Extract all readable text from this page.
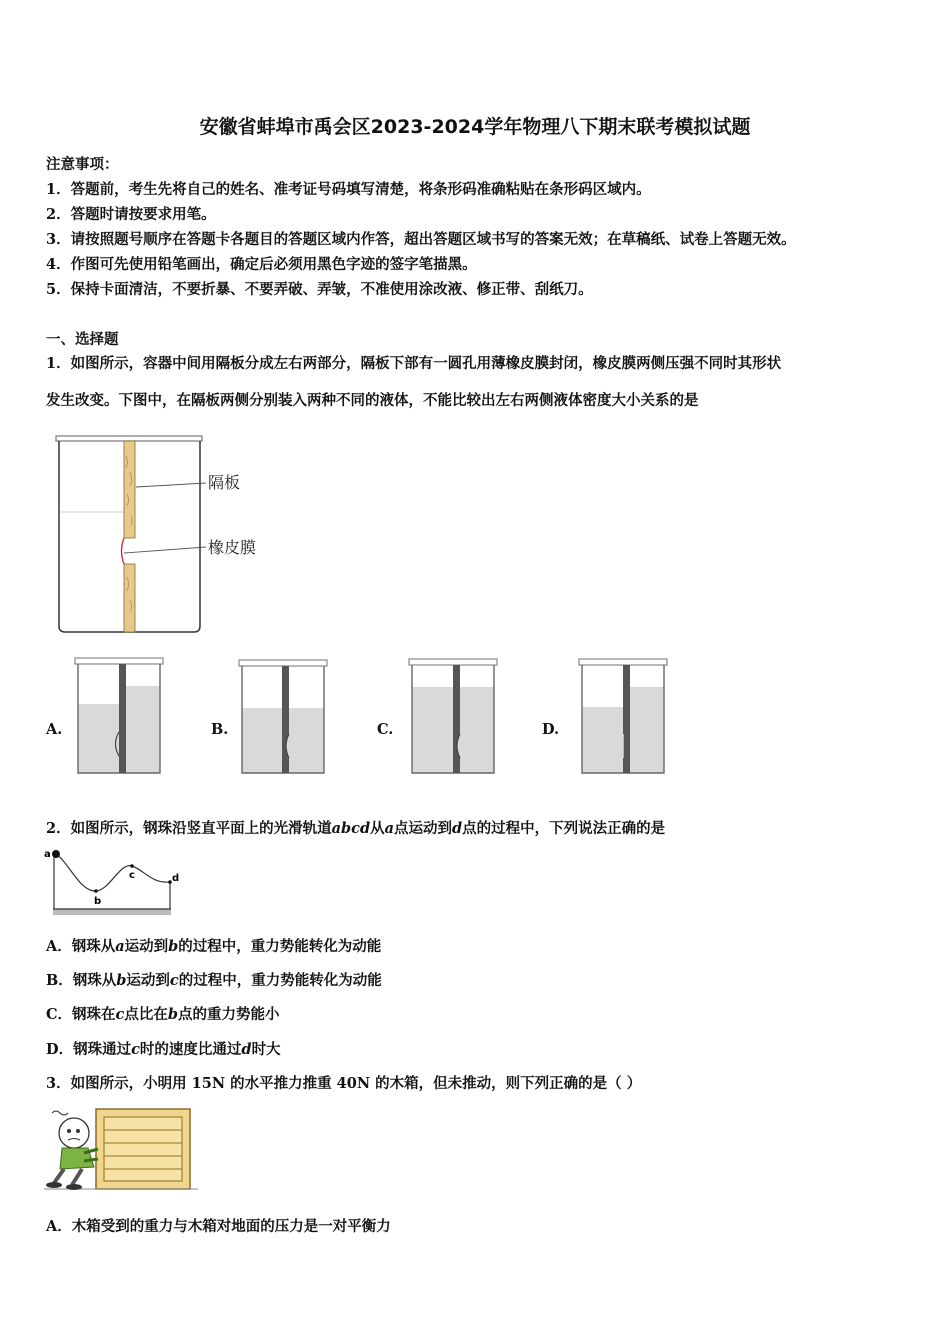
安徽省蚌埠市禹会区2023-2024学年物理八下期末联考模拟试题
注意事项：
1．答题前，考生先将自己的姓名、准考证号码填写清楚，将条形码准确粘贴在条形码区域内。
2．答题时请按要求用笔。
3．请按照题号顺序在答题卡各题目的答题区域内作答，超出答题区域书写的答案无效；在草稿纸、试卷上答题无效。
4．作图可先使用铅笔画出，确定后必须用黑色字迹的签字笔描黑。
5．保持卡面清洁，不要折暴、不要弄破、弄皱，不准使用涂改液、修正带、刮纸刀。
一、选择题
1．如图所示，容器中间用隔板分成左右两部分，隔板下部有一圆孔用薄橡皮膜封闭，橡皮膜两侧压强不同时其形状
发生改变。下图中，在隔板两侧分别装入两种不同的液体，不能比较出左右两侧液体密度大小关系的是
隔板
橡皮膜
A.	B.	C.	D.
2．如图所示，钢珠沿竖直平面上的光滑轨道abcd从a点运动到d点的过程中，下列说法正确的是
a
b
c	d
A．钢珠从a运动到b的过程中，重力势能转化为动能
B．钢珠从b运动到c的过程中，重力势能转化为动能
C．钢珠在c点比在b点的重力势能小
D．钢珠通过c时的速度比通过d时大
3．如图所示，小明用 15N 的水平推力推重 40N 的木箱，但未推动，则下列正确的是（ ）
A．木箱受到的重力与木箱对地面的压力是一对平衡力
